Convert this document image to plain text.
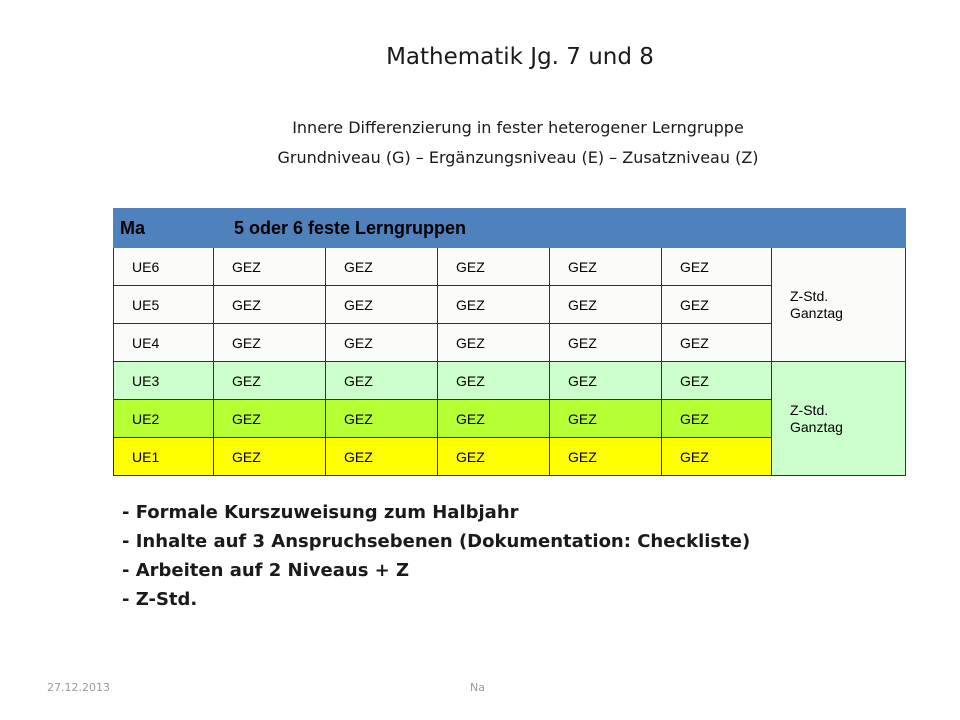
Mathematik Jg. 7 und 8
Innere Differenzierung in fester heterogener Lerngruppe
Grundniveau (G) – Ergänzungsniveau (E) – Zusatzniveau (Z)
Ma	5 oder 6 feste Lerngruppen					
UE6	GEZ	GEZ	GEZ	GEZ	GEZ	Z-Std.
Ganztag

UE5	GEZ	GEZ	GEZ	GEZ	GEZ	
UE4	GEZ	GEZ	GEZ	GEZ	GEZ	
UE3	GEZ	GEZ	GEZ	GEZ	GEZ	Z-Std.
Ganztag

UE2	GEZ	GEZ	GEZ	GEZ	GEZ	
UE1	GEZ	GEZ	GEZ	GEZ	GEZ	
- Formale Kurszuweisung zum Halbjahr
- Inhalte auf 3 Anspruchsebenen (Dokumentation: Checkliste)
- Arbeiten auf 2 Niveaus + Z
- Z-Std.
27.12.2013	Na
